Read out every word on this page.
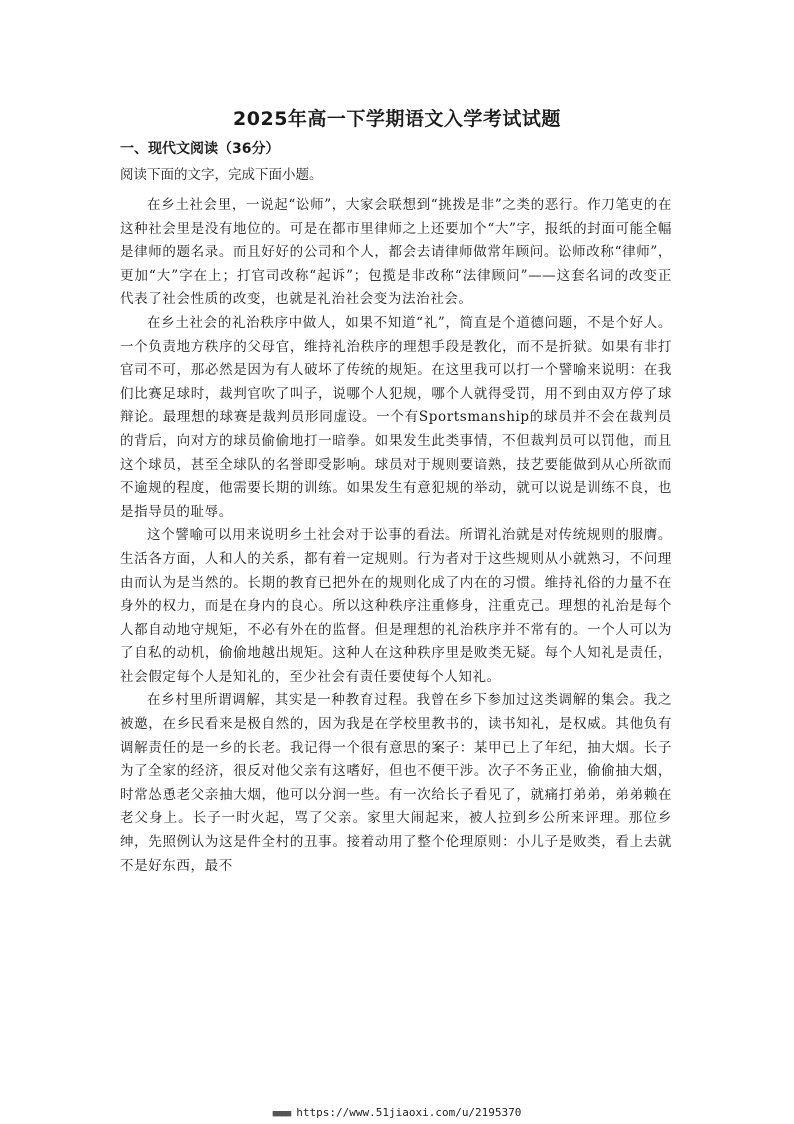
2025年高一下学期语文入学考试试题
一、现代文阅读（36分）
阅读下面的文字，完成下面小题。

在乡土社会里，一说起“讼师”，大家会联想到“挑拨是非”之类的恶行。作刀笔吏的在这种社会里是没有地位的。可是在都市里律师之上还要加个“大”字，报纸的封面可能全幅是律师的题名录。而且好好的公司和个人，都会去请律师做常年顾问。讼师改称“律师”，更加“大”字在上；打官司改称“起诉”；包揽是非改称“法律顾问”——这套名词的改变正代表了社会性质的改变，也就是礼治社会变为法治社会。

在乡土社会的礼治秩序中做人，如果不知道“礼”，简直是个道德问题，不是个好人。一个负责地方秩序的父母官，维持礼治秩序的理想手段是教化，而不是折狱。如果有非打官司不可，那必然是因为有人破坏了传统的规矩。在这里我可以打一个譬喻来说明：在我们比赛足球时，裁判官吹了叫子，说哪个人犯规，哪个人就得受罚，用不到由双方停了球辩论。最理想的球赛是裁判员形同虚设。一个有Sportsmanship的球员并不会在裁判员的背后，向对方的球员偷偷地打一暗拳。如果发生此类事情，不但裁判员可以罚他，而且这个球员，甚至全球队的名誉即受影响。球员对于规则要谙熟，技艺要能做到从心所欲而不逾规的程度，他需要长期的训练。如果发生有意犯规的举动，就可以说是训练不良，也是指导员的耻辱。

这个譬喻可以用来说明乡土社会对于讼事的看法。所谓礼治就是对传统规则的服膺。生活各方面，人和人的关系，都有着一定规则。行为者对于这些规则从小就熟习，不问理由而认为是当然的。长期的教育已把外在的规则化成了内在的习惯。维持礼俗的力量不在身外的权力，而是在身内的良心。所以这种秩序注重修身，注重克己。理想的礼治是每个人都自动地守规矩，不必有外在的监督。但是理想的礼治秩序并不常有的。一个人可以为了自私的动机，偷偷地越出规矩。这种人在这种秩序里是败类无疑。每个人知礼是责任，社会假定每个人是知礼的，至少社会有责任要使每个人知礼。

在乡村里所谓调解，其实是一种教育过程。我曾在乡下参加过这类调解的集会。我之被邀，在乡民看来是极自然的，因为我是在学校里教书的，读书知礼，是权威。其他负有调解责任的是一乡的长老。我记得一个很有意思的案子：某甲已上了年纪，抽大烟。长子为了全家的经济，很反对他父亲有这嗜好，但也不便干涉。次子不务正业，偷偷抽大烟，时常怂恿老父亲抽大烟，他可以分润一些。有一次给长子看见了，就痛打弟弟，弟弟赖在老父身上。长子一时火起，骂了父亲。家里大闹起来，被人拉到乡公所来评理。那位乡绅，先照例认为这是件全村的丑事。接着动用了整个伦理原则：小儿子是败类，看上去就不是好东西，最不

■■■■ https://www.51jiaoxi.com/u/2195370
